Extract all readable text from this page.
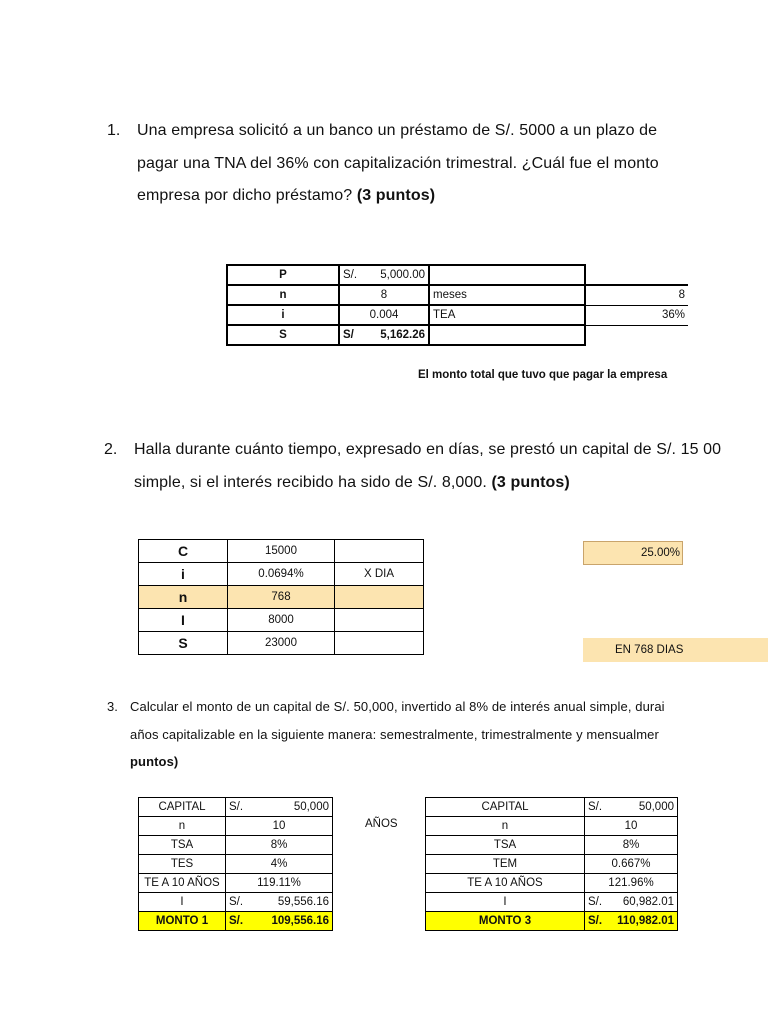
1. Una empresa solicitó a un banco un préstamo de S/. 5000 a un plazo de
pagar una TNA del 36% con capitalización trimestral. ¿Cuál fue el monto
empresa por dicho préstamo? (3 puntos)
P	S/. 5,000.00		

n	8	meses	8
i	0.004	TEA	36%
S	S/ 5,162.26		

El monto total que tuvo que pagar la empresa
2. Halla durante cuánto tiempo, expresado en días, se prestó un capital de S/. 15 00
simple, si el interés recibido ha sido de S/. 8,000. (3 puntos)
C	15000	
i	0.0694%	X DIA
n	768	
I	8000	
S	23000	
25.00%
EN 768 DIAS
3. Calcular el monto de un capital de S/. 50,000, invertido al 8% de interés anual simple, durai
años capitalizable en la siguiente manera: semestralmente, trimestralmente y mensualmer
puntos)
CAPITAL	S/. 50,000

n	10
TSA	8%
TES	4%
TE A 10 AÑOS	119.11%
I	S/. 59,556.16

MONTO 1	S/. 109,556.16
AÑOS
CAPITAL	S/. 50,000

n	10
TSA	8%
TEM	0.667%
TE A 10 AÑOS	121.96%
I	S/. 60,982.01

MONTO 3	S/. 110,982.01
